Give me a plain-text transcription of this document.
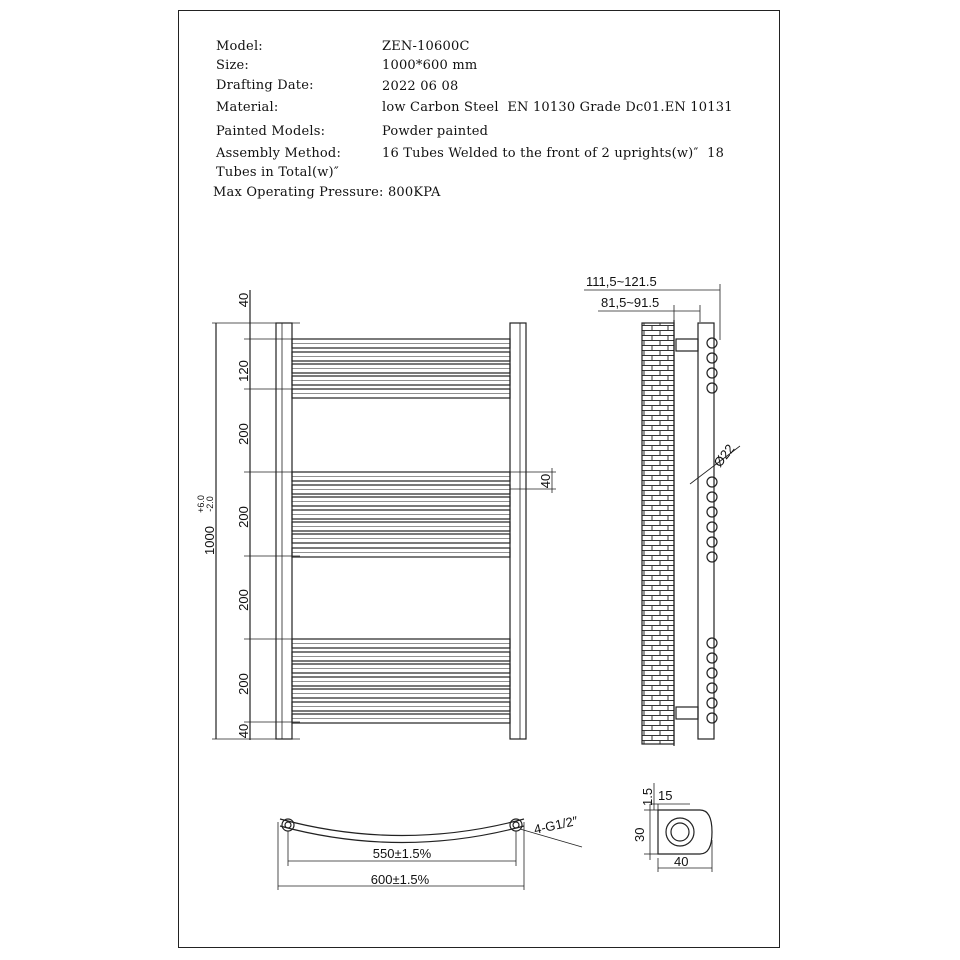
Model:	ZEN-10600C
Size:	1000*600 mm
Drafting Date:	2022 06 08
Material:	low Carbon Steel  EN 10130 Grade Dc01.EN 10131
Painted Models:	Powder painted
Assembly Method:	16 Tubes Welded to the front of 2 uprights(w)″  18
Tubes in Total(w)″
Max Operating Pressure: 800KPA
40
120
200
200
200
200
40
1000
+6.0 -2.0
40
111,5~121.5
81,5~91.5
Ø22
4-G1/2″
550±1.5%
600±1.5%
1.5 15
30
40
